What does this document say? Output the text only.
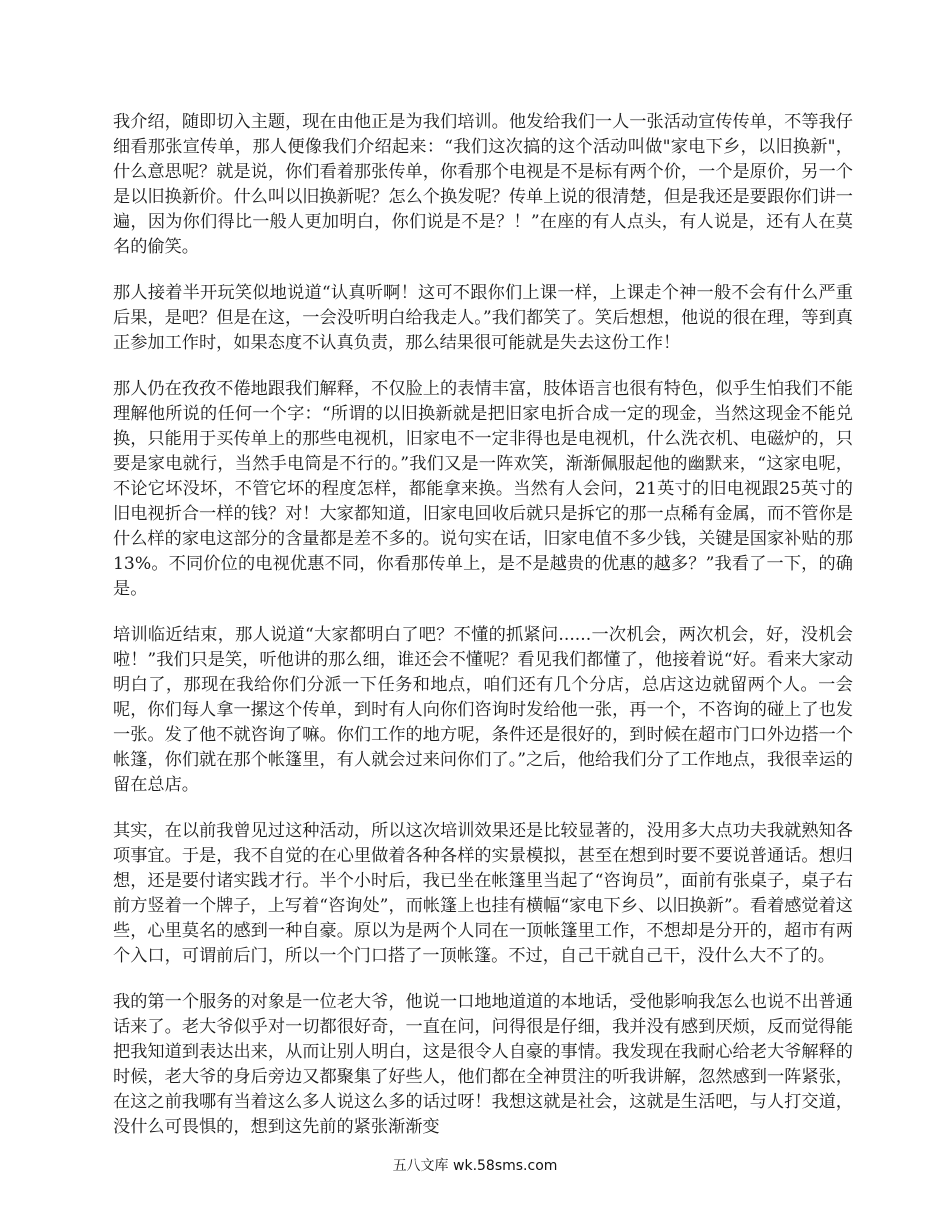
我介绍，随即切入主题，现在由他正是为我们培训。他发给我们一人一张活动宣传传单，不等我仔细看那张宣传单，那人便像我们介绍起来：“我们这次搞的这个活动叫做"家电下乡，以旧换新"，什么意思呢？就是说，你们看着那张传单，你看那个电视是不是标有两个价，一个是原价，另一个是以旧换新价。什么叫以旧换新呢？怎么个换发呢？传单上说的很清楚，但是我还是要跟你们讲一遍，因为你们得比一般人更加明白，你们说是不是？！”在座的有人点头，有人说是，还有人在莫名的偷笑。

那人接着半开玩笑似地说道“认真听啊！这可不跟你们上课一样，上课走个神一般不会有什么严重后果，是吧？但是在这，一会没听明白给我走人。”我们都笑了。笑后想想，他说的很在理，等到真正参加工作时，如果态度不认真负责，那么结果很可能就是失去这份工作！

那人仍在孜孜不倦地跟我们解释，不仅脸上的表情丰富，肢体语言也很有特色，似乎生怕我们不能理解他所说的任何一个字：“所谓的以旧换新就是把旧家电折合成一定的现金，当然这现金不能兑换，只能用于买传单上的那些电视机，旧家电不一定非得也是电视机，什么洗衣机、电磁炉的，只要是家电就行，当然手电筒是不行的。”我们又是一阵欢笑，渐渐佩服起他的幽默来，“这家电呢，不论它坏没坏，不管它坏的程度怎样，都能拿来换。当然有人会问，21英寸的旧电视跟25英寸的旧电视折合一样的钱？对！大家都知道，旧家电回收后就只是拆它的那一点稀有金属，而不管你是什么样的家电这部分的含量都是差不多的。说句实在话，旧家电值不多少钱，关键是国家补贴的那13%。不同价位的电视优惠不同，你看那传单上，是不是越贵的优惠的越多？”我看了一下，的确是。

培训临近结束，那人说道“大家都明白了吧？不懂的抓紧问......一次机会，两次机会，好，没机会啦！”我们只是笑，听他讲的那么细，谁还会不懂呢？看见我们都懂了，他接着说“好。看来大家动明白了，那现在我给你们分派一下任务和地点，咱们还有几个分店，总店这边就留两个人。一会呢，你们每人拿一摞这个传单，到时有人向你们咨询时发给他一张，再一个，不咨询的碰上了也发一张。发了他不就咨询了嘛。你们工作的地方呢，条件还是很好的，到时候在超市门口外边搭一个帐篷，你们就在那个帐篷里，有人就会过来问你们了。”之后，他给我们分了工作地点，我很幸运的留在总店。

其实，在以前我曾见过这种活动，所以这次培训效果还是比较显著的，没用多大点功夫我就熟知各项事宜。于是，我不自觉的在心里做着各种各样的实景模拟，甚至在想到时要不要说普通话。想归想，还是要付诸实践才行。半个小时后，我已坐在帐篷里当起了“咨询员”，面前有张桌子，桌子右前方竖着一个牌子，上写着“咨询处”，而帐篷上也挂有横幅“家电下乡、以旧换新”。看着感觉着这些，心里莫名的感到一种自豪。原以为是两个人同在一顶帐篷里工作，不想却是分开的，超市有两个入口，可谓前后门，所以一个门口搭了一顶帐篷。不过，自己干就自己干，没什么大不了的。

我的第一个服务的对象是一位老大爷，他说一口地地道道的本地话，受他影响我怎么也说不出普通话来了。老大爷似乎对一切都很好奇，一直在问，问得很是仔细，我并没有感到厌烦，反而觉得能把我知道到表达出来，从而让别人明白，这是很令人自豪的事情。我发现在我耐心给老大爷解释的时候，老大爷的身后旁边又都聚集了好些人，他们都在全神贯注的听我讲解，忽然感到一阵紧张，在这之前我哪有当着这么多人说这么多的话过呀！我想这就是社会，这就是生活吧，与人打交道，没什么可畏惧的，想到这先前的紧张渐渐变

五八文库 wk.58sms.com
